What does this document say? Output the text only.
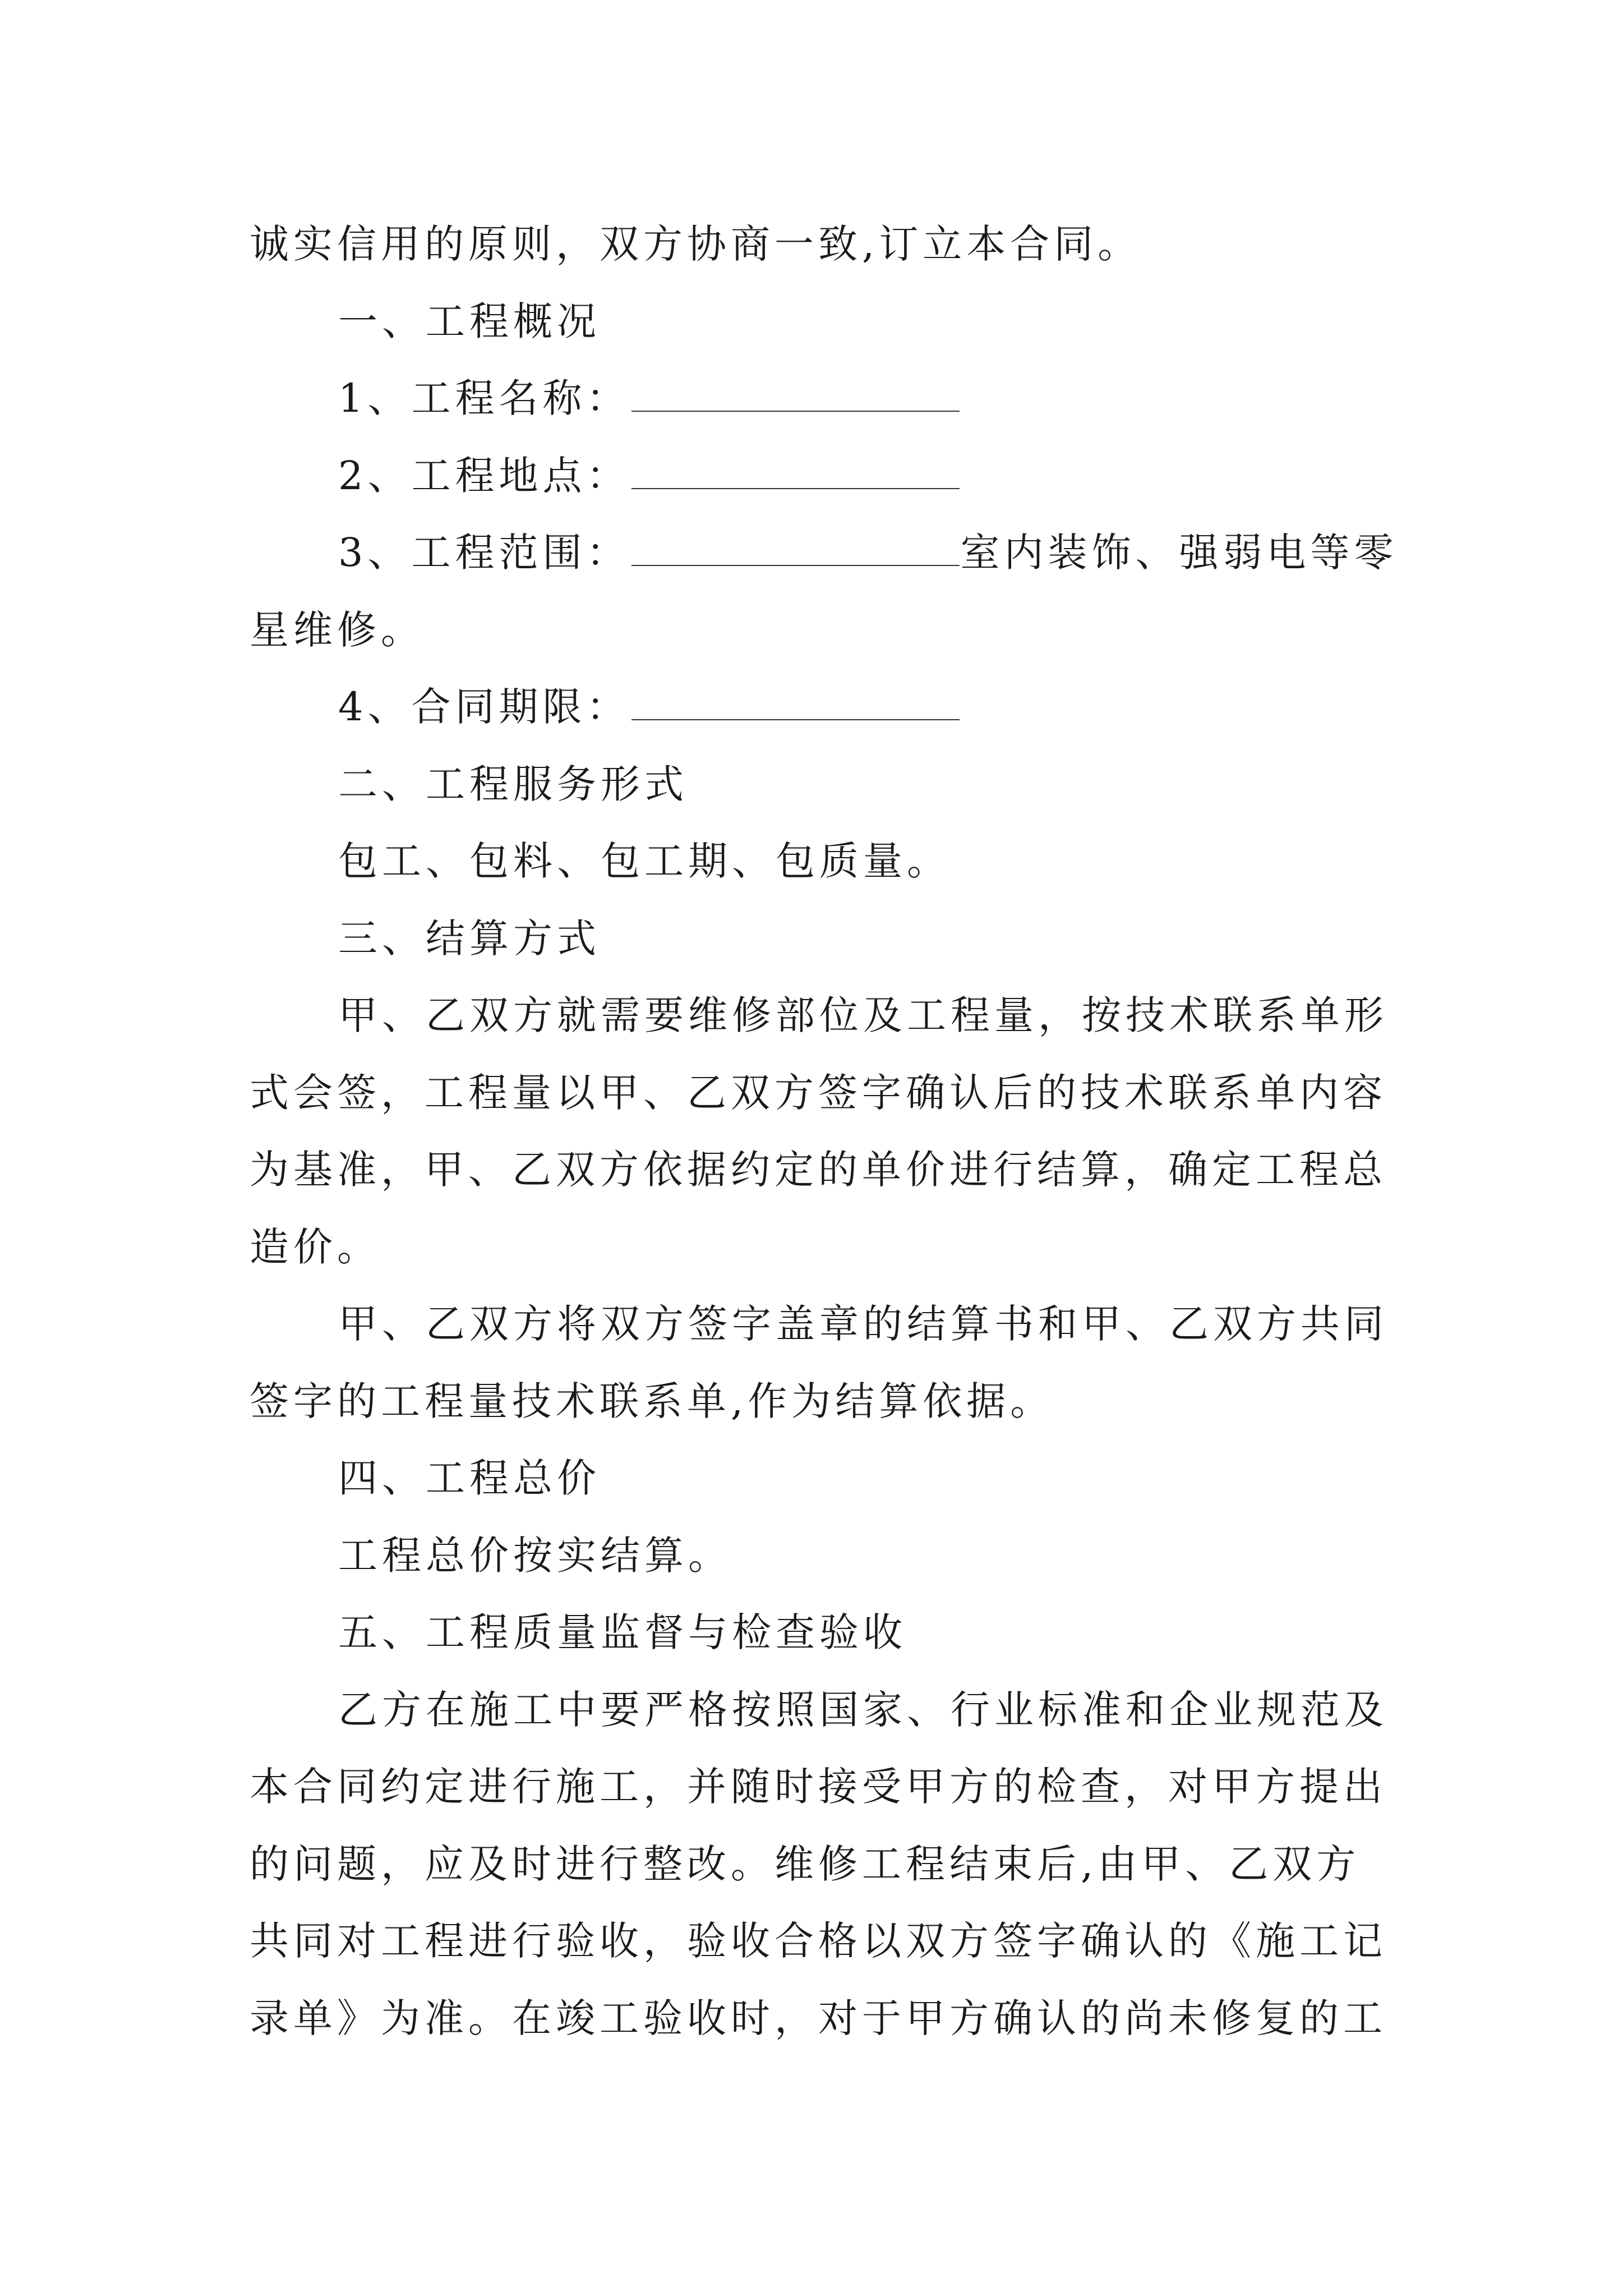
诚实信用的原则，双方协商一致,订立本合同。
一、工程概况
1、工程名称：
2、工程地点：
3、工程范围：	室内装饰、强弱电等零
星维修。
4、合同期限：
二、工程服务形式
包工、包料、包工期、包质量。
三、结算方式
甲、乙双方就需要维修部位及工程量，按技术联系单形
式会签，工程量以甲、乙双方签字确认后的技术联系单内容
为基准，甲、乙双方依据约定的单价进行结算，确定工程总
造价。
甲、乙双方将双方签字盖章的结算书和甲、乙双方共同
签字的工程量技术联系单,作为结算依据。
四、工程总价
工程总价按实结算。
五、工程质量监督与检查验收
乙方在施工中要严格按照国家、行业标准和企业规范及
本合同约定进行施工，并随时接受甲方的检查，对甲方提出
的问题，应及时进行整改。维修工程结束后,由甲、乙双方
共同对工程进行验收，验收合格以双方签字确认的《施工记
录单》为准。在竣工验收时，对于甲方确认的尚未修复的工
